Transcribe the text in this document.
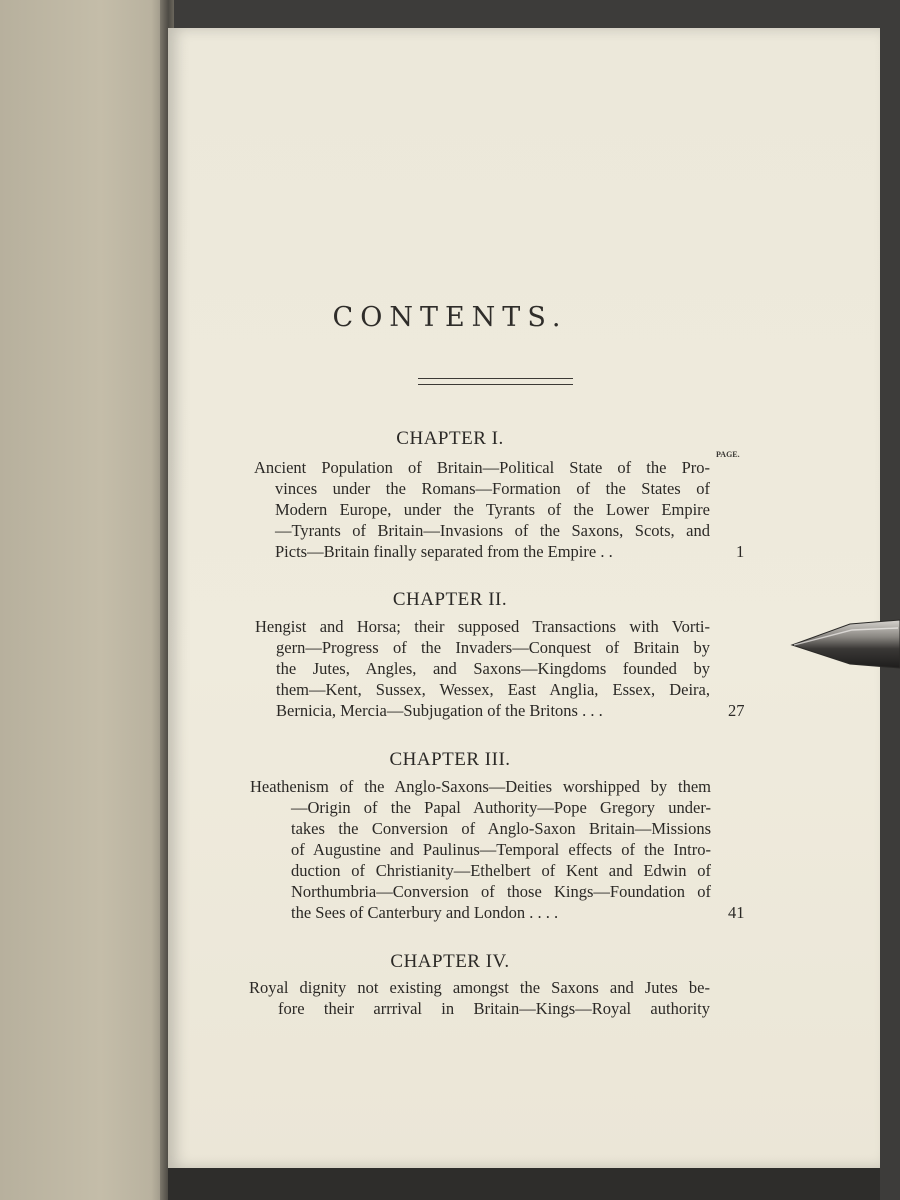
CONTENTS.
PAGE.
CHAPTER I.
Ancient Population of Britain—Political State of the Pro-
vinces under the Romans—Formation of the States of
Modern Europe, under the Tyrants of the Lower Empire
—Tyrants of Britain—Invasions of the Saxons, Scots, and
Picts—Britain finally separated from the Empire . .	1
CHAPTER II.
Hengist and Horsa; their supposed Transactions with Vorti-
gern—Progress of the Invaders—Conquest of Britain by
the Jutes, Angles, and Saxons—Kingdoms founded by
them—Kent, Sussex, Wessex, East Anglia, Essex, Deira,
Bernicia, Mercia—Subjugation of the Britons . . .	27
CHAPTER III.
Heathenism of the Anglo-Saxons—Deities worshipped by them
—Origin of the Papal Authority—Pope Gregory under-
takes the Conversion of Anglo-Saxon Britain—Missions
of Augustine and Paulinus—Temporal effects of the Intro-
duction of Christianity—Ethelbert of Kent and Edwin of
Northumbria—Conversion of those Kings—Foundation of
the Sees of Canterbury and London . . . .	41
CHAPTER IV.
Royal dignity not existing amongst the Saxons and Jutes be-
fore their arrrival in Britain—Kings—Royal authority
